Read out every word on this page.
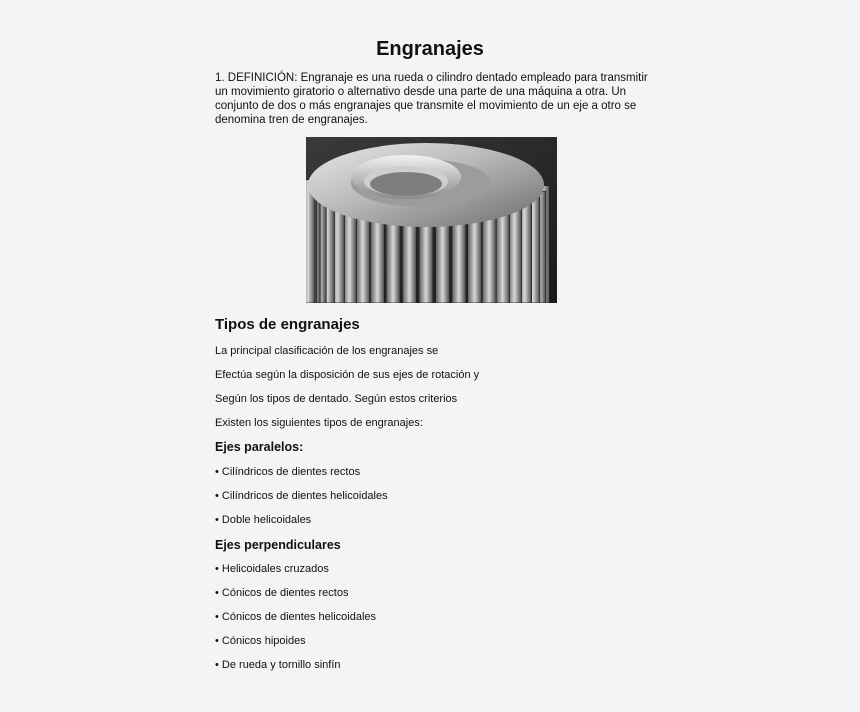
Engranajes
1. DEFINICIÓN: Engranaje es una rueda o cilindro dentado empleado para transmitir un movimiento giratorio o alternativo desde una parte de una máquina a otra. Un conjunto de dos o más engranajes que transmite el movimiento de un eje a otro se denomina tren de engranajes.
Tipos de engranajes
La principal clasificación de los engranajes se
Efectúa según la disposición de sus ejes de rotación y
Según los tipos de dentado. Según estos criterios
Existen los siguientes tipos de engranajes:
Ejes paralelos:
• Cilíndricos de dientes rectos
• Cilíndricos de dientes helicoidales
• Doble helicoidales
Ejes perpendiculares
• Helicoidales cruzados
• Cónicos de dientes rectos
• Cónicos de dientes helicoidales
• Cónicos hipoides
• De rueda y tornillo sinfín
